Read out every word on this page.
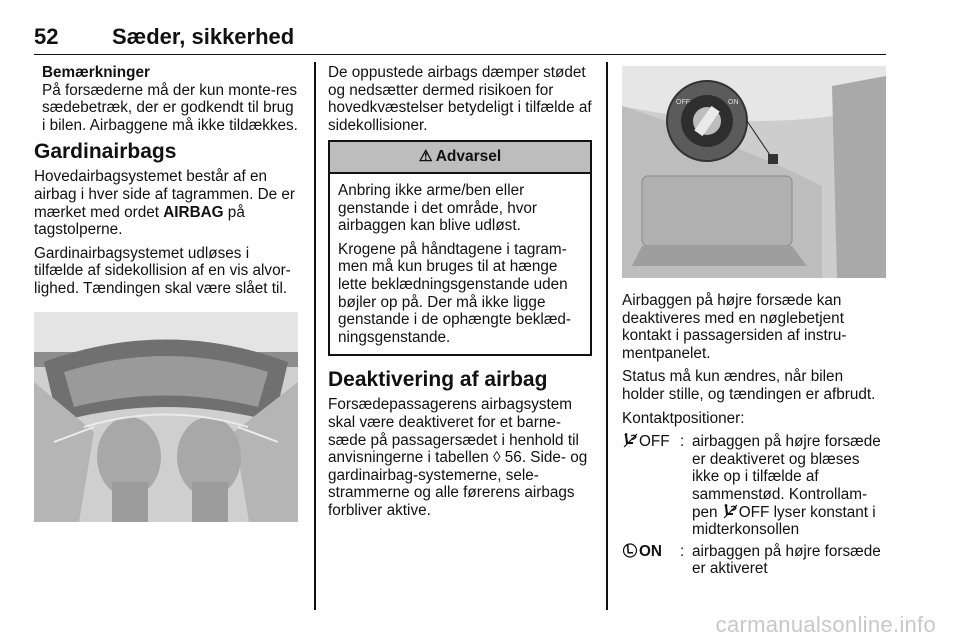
52 Sæder, sikkerhed
Bemærkninger

På forsæderne må der kun monte-res sædebetræk, der er godkendt til brug i bilen. Airbaggene må ikke tildækkes.

Gardinairbags

Hovedairbagsystemet består af en airbag i hver side af tagrammen. De er mærket med ordet AIRBAG på tagstolperne.

Gardinairbagsystemet udløses i tilfælde af sidekollision af en vis alvor-lighed. Tændingen skal være slået til.

De oppustede airbags dæmper stødet og nedsætter dermed risikoen for hovedkvæstelser betydeligt i tilfælde af sidekollisioner.

⚠ Advarsel

Anbring ikke arme/ben eller genstande i det område, hvor airbaggen kan blive udløst.

Krogene på håndtagene i tagram-men må kun bruges til at hænge lette beklædningsgenstande uden bøjler op på. Der må ikke ligge genstande i de ophængte beklæd-ningsgenstande.

Deaktivering af airbag

Forsædepassagerens airbagsystem skal være deaktiveret for et barne-sæde på passagersædet i henhold til anvisningerne i tabellen ◊ 56. Side- og gardinairbag-systemerne, sele-strammerne og alle førerens airbags forbliver aktive.

OFF	ON

Airbaggen på højre forsæde kan deaktiveres med en nøglebetjent kontakt i passagersiden af instru-mentpanelet.

Status må kun ændres, når bilen holder stille, og tændingen er afbrudt.

Kontaktpositioner:

OFF : airbaggen på højre forsæde er deaktiveret og blæses ikke op i tilfælde af sammenstød. Kontrollam-pen OFF lyser konstant i midterkonsollen
ON	: airbaggen på højre forsæde er aktiveret
carmanualsonline.info
